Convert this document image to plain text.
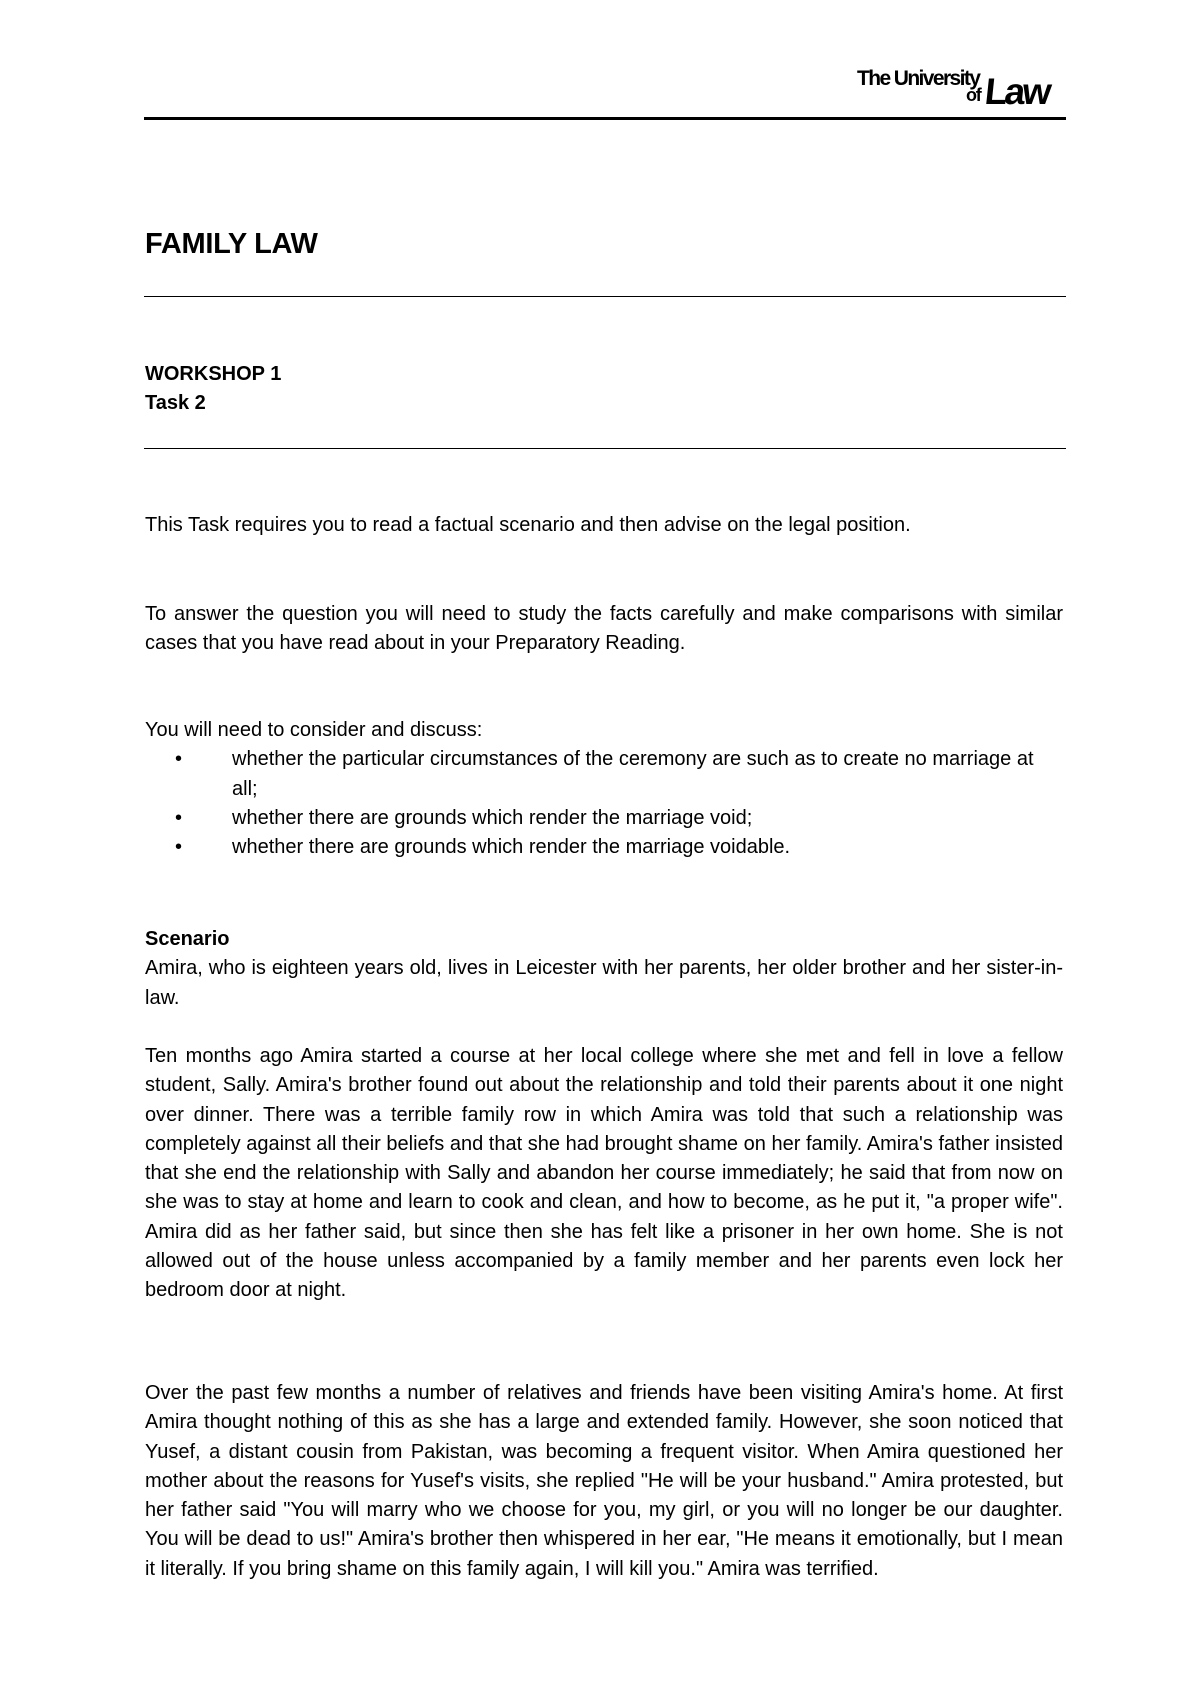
The University
of Law
FAMILY LAW
WORKSHOP 1
Task 2

This Task requires you to read a factual scenario and then advise on the legal position.

To answer the question you will need to study the facts carefully and make comparisons with similar cases that you have read about in your Preparatory Reading.

You will need to consider and discuss:

• whether the particular circumstances of the ceremony are such as to create no marriage at all;
• whether there are grounds which render the marriage void;
• whether there are grounds which render the marriage voidable.

Scenario

Amira, who is eighteen years old, lives in Leicester with her parents, her older brother and her sister-in-law.

Ten months ago Amira started a course at her local college where she met and fell in love a fellow student, Sally. Amira's brother found out about the relationship and told their parents about it one night over dinner. There was a terrible family row in which Amira was told that such a relationship was completely against all their beliefs and that she had brought shame on her family. Amira's father insisted that she end the relationship with Sally and abandon her course immediately; he said that from now on she was to stay at home and learn to cook and clean, and how to become, as he put it, "a proper wife". Amira did as her father said, but since then she has felt like a prisoner in her own home. She is not allowed out of the house unless accompanied by a family member and her parents even lock her bedroom door at night.

Over the past few months a number of relatives and friends have been visiting Amira's home. At first Amira thought nothing of this as she has a large and extended family. However, she soon noticed that Yusef, a distant cousin from Pakistan, was becoming a frequent visitor. When Amira questioned her mother about the reasons for Yusef's visits, she replied "He will be your husband." Amira protested, but her father said "You will marry who we choose for you, my girl, or you will no longer be our daughter. You will be dead to us!" Amira's brother then whispered in her ear, "He means it emotionally, but I mean it literally. If you bring shame on this family again, I will kill you." Amira was terrified.
